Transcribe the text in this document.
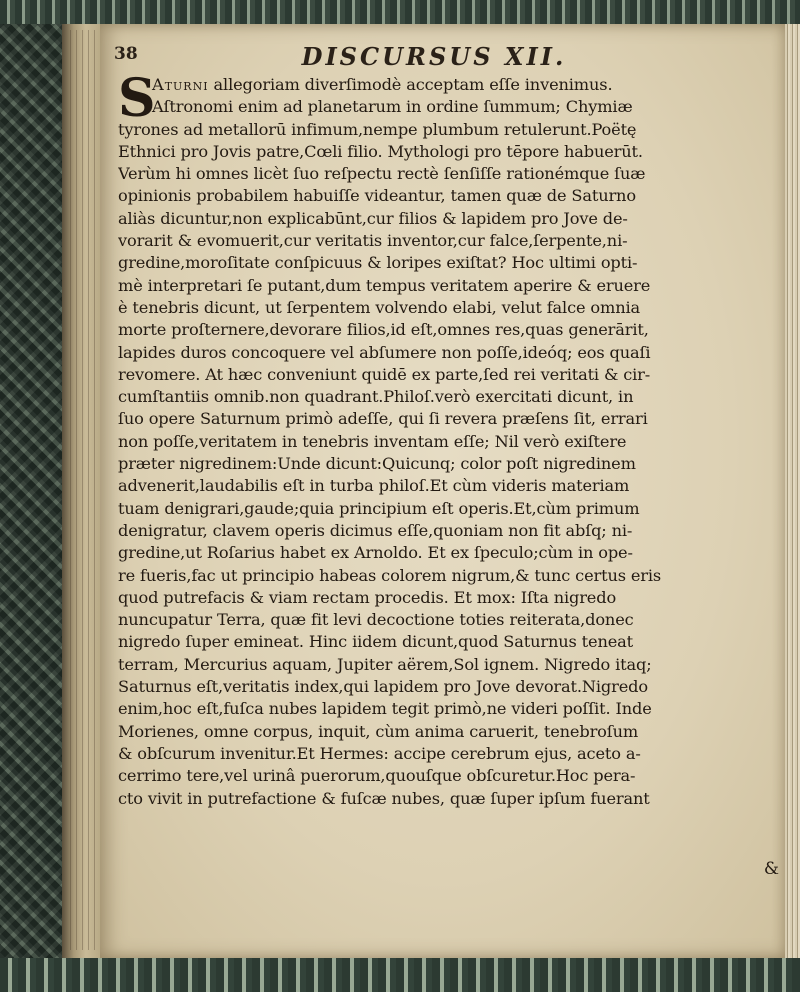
38	DISCURSUS XII.
S
Aturni allegoriam diverſimodè acceptam eſſe invenimus.
Aſtronomi enim ad planetarum in ordine ſummum; Chymiæ
tyrones ad metallorū infimum,nempe plumbum retulerunt.Poëtę
Ethnici pro Jovis patre,Cœli filio. Mythologi pro tēpore habuerūt.
Verùm hi omnes licèt ſuo reſpectu rectè ſenſiſſe rationémque ſuæ
opinionis probabilem habuiſſe videantur, tamen quæ de Saturno
aliàs dicuntur,non explicabūnt,cur filios & lapidem pro Jove de-
vorarit & evomuerit,cur veritatis inventor,cur falce,ſerpente,ni-
gredine,moroſitate conſpicuus & loripes exiſtat? Hoc ultimi opti-
mè interpretari ſe putant,dum tempus veritatem aperire & eruere
è tenebris dicunt, ut ſerpentem volvendo elabi, velut falce omnia
morte proſternere,devorare filios,id eſt,omnes res,quas generārit,
lapides duros concoquere vel abſumere non poſſe,ideóq; eos quaſi
revomere. At hæc conveniunt quidē ex parte,ſed rei veritati & cir-
cumſtantiis omnib.non quadrant.Philoſ.verò exercitati dicunt, in
ſuo opere Saturnum primò adeſſe, qui ſi revera præſens ſit, errari
non poſſe,veritatem in tenebris inventam eſſe; Nil verò exiſtere
præter nigredinem:Unde dicunt:Quicunq; color poſt nigredinem
advenerit,laudabilis eſt in turba philoſ.Et cùm videris materiam
tuam denigrari,gaude;quia principium eſt operis.Et,cùm primum
denigratur, clavem operis dicimus eſſe,quoniam non fit abſq; ni-
gredine,ut Roſarius habet ex Arnoldo. Et ex ſpeculo;cùm in ope-
re fueris,fac ut principio habeas colorem nigrum,& tunc certus eris
quod putrefacis & viam rectam procedis. Et mox: Iſta nigredo
nuncupatur Terra, quæ fit levi decoctione toties reiterata,donec
nigredo ſuper emineat. Hinc iidem dicunt,quod Saturnus teneat
terram, Mercurius aquam, Jupiter aërem,Sol ignem. Nigredo itaq;
Saturnus eſt,veritatis index,qui lapidem pro Jove devorat.Nigredo
enim,hoc eſt,fuſca nubes lapidem tegit primò,ne videri poſſit. Inde
Morienes, omne corpus, inquit, cùm anima caruerit, tenebroſum
& obſcurum invenitur.Et Hermes: accipe cerebrum ejus, aceto a-
cerrimo tere,vel urinâ puerorum,quouſque obſcuretur.Hoc pera-
cto vivit in putrefactione & fuſcæ nubes, quæ ſuper ipſum fuerant
&
